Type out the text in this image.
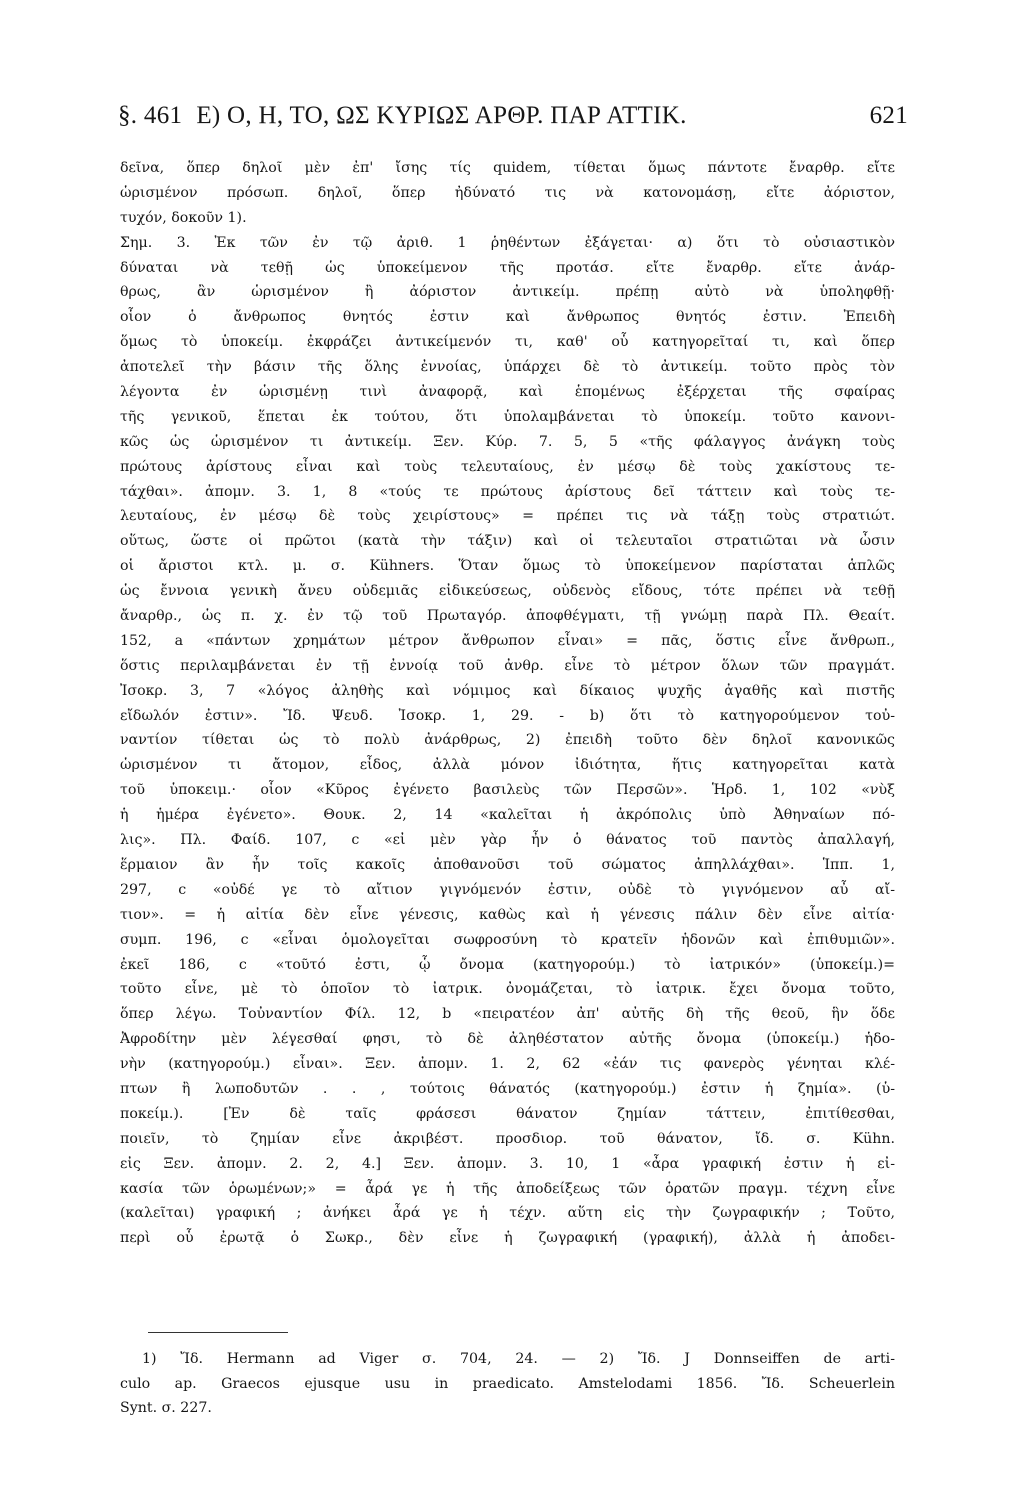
§. 461 Ε) Ο, Η, ΤΟ, ΩΣ ΚΥΡΙΩΣ ΑΡΘΡ. ΠΑΡ ΑΤΤΙΚ.	621
δεῖνα, ὅπερ δηλοῖ μὲν ἐπ' ἴσης τίς quidem, τίθεται ὅμως πάντοτε ἔναρθρ. εἴτε
ὡρισμένον πρόσωπ. δηλοῖ, ὅπερ ἠδύνατό τις νὰ κατονομάσῃ, εἴτε ἀόριστον,
τυχόν, δοκοῦν 1).
Σημ. 3. Ἐκ τῶν ἐν τῷ ἀριθ. 1 ῥηθέντων ἐξάγεται· α) ὅτι τὸ οὐσιαστικὸν
δύναται νὰ τεθῇ ὡς ὑποκείμενον τῆς προτάσ. εἴτε ἔναρθρ. εἴτε ἀνάρ-
θρως, ἂν ὡρισμένον ἢ ἀόριστον ἀντικείμ. πρέπῃ αὐτὸ νὰ ὑποληφθῇ·
οἷον ὁ ἄνθρωπος θνητός ἐστιν καὶ ἄνθρωπος θνητός ἐστιν. Ἐπειδὴ
ὅμως τὸ ὑποκείμ. ἐκφράζει ἀντικείμενόν τι, καθ' οὗ κατηγορεῖταί τι, καὶ ὅπερ
ἀποτελεῖ τὴν βάσιν τῆς ὅλης ἐννοίας, ὑπάρχει δὲ τὸ ἀντικείμ. τοῦτο πρὸς τὸν
λέγοντα ἐν ὡρισμένῃ τινὶ ἀναφορᾷ, καὶ ἑπομένως ἐξέρχεται τῆς σφαίρας
τῆς γενικοῦ, ἕπεται ἐκ τούτου, ὅτι ὑπολαμβάνεται τὸ ὑποκείμ. τοῦτο κανονι-
κῶς ὡς ὡρισμένον τι ἀντικείμ. Ξεν. Κύρ. 7. 5, 5 «τῆς φάλαγγος ἀνάγκη τοὺς
πρώτους ἀρίστους εἶναι καὶ τοὺς τελευταίους, ἐν μέσῳ δὲ τοὺς χακίστους τε-
τάχθαι». ἀπομν. 3. 1, 8 «τούς τε πρώτους ἀρίστους δεῖ τάττειν καὶ τοὺς τε-
λευταίους, ἐν μέσῳ δὲ τοὺς χειρίστους» = πρέπει τις νὰ τάξῃ τοὺς στρατιώτ.
οὕτως, ὥστε οἱ πρῶτοι (κατὰ τὴν τάξιν) καὶ οἱ τελευταῖοι στρατιῶται νὰ ὦσιν
οἱ ἄριστοι κτλ. μ. σ. Kühners. Ὅταν ὅμως τὸ ὑποκείμενον παρίσταται ἁπλῶς
ὡς ἔννοια γενικὴ ἄνευ οὐδεμιᾶς εἰδικεύσεως, οὐδενὸς εἴδους, τότε πρέπει νὰ τεθῇ
ἄναρθρ., ὡς π. χ. ἐν τῷ τοῦ Πρωταγόρ. ἀποφθέγματι, τῇ γνώμῃ παρὰ Πλ. Θεαίτ.
152, a «πάντων χρημάτων μέτρον ἄνθρωπον εἶναι» = πᾶς, ὅστις εἶνε ἄνθρωπ.,
ὅστις περιλαμβάνεται ἐν τῇ ἐννοίᾳ τοῦ ἀνθρ. εἶνε τὸ μέτρον ὅλων τῶν πραγμάτ.
Ἰσοκρ. 3, 7 «λόγος ἀληθὴς καὶ νόμιμος καὶ δίκαιος ψυχῆς ἀγαθῆς καὶ πιστῆς
εἴδωλόν ἐστιν». Ἴδ. Ψευδ. Ἰσοκρ. 1, 29. - b) ὅτι τὸ κατηγορούμενον τοὐ-
ναντίον τίθεται ὡς τὸ πολὺ ἀνάρθρως, 2) ἐπειδὴ τοῦτο δὲν δηλοῖ κανονικῶς
ὡρισμένον τι ἄτομον, εἶδος, ἀλλὰ μόνον ἰδιότητα, ἥτις κατηγορεῖται κατὰ
τοῦ ὑποκειμ.· οἷον «Κῦρος ἐγένετο βασιλεὺς τῶν Περσῶν». Ἡρδ. 1, 102 «νὺξ
ἡ ἡμέρα ἐγένετο». Θουκ. 2, 14 «καλεῖται ἡ ἀκρόπολις ὑπὸ Ἀθηναίων πό-
λις». Πλ. Φαίδ. 107, c «εἰ μὲν γὰρ ἦν ὁ θάνατος τοῦ παντὸς ἀπαλλαγή,
ἕρμαιον ἂν ἦν τοῖς κακοῖς ἀποθανοῦσι τοῦ σώματος ἀπηλλάχθαι». Ἱππ. 1,
297, c «οὐδέ γε τὸ αἴτιον γιγνόμενόν ἐστιν, οὐδὲ τὸ γιγνόμενον αὖ αἴ-
τιον». = ἡ αἰτία δὲν εἶνε γένεσις, καθὼς καὶ ἡ γένεσις πάλιν δὲν εἶνε αἰτία·
συμπ. 196, c «εἶναι ὁμολογεῖται σωφροσύνη τὸ κρατεῖν ἡδονῶν καὶ ἐπιθυμιῶν».
ἐκεῖ 186, c «τοῦτό ἐστι, ᾧ ὄνομα (κατηγορούμ.) τὸ ἰατρικόν» (ὑποκείμ.)=
τοῦτο εἶνε, μὲ τὸ ὁποῖον τὸ ἰατρικ. ὀνομάζεται, τὸ ἰατρικ. ἔχει ὄνομα τοῦτο,
ὅπερ λέγω. Τοὐναντίον Φίλ. 12, b «πειρατέον ἀπ' αὐτῆς δὴ τῆς θεοῦ, ἣν ὅδε
Ἀφροδίτην μὲν λέγεσθαί φησι, τὸ δὲ ἀληθέστατον αὐτῆς ὄνομα (ὑποκείμ.) ἡδο-
νὴν (κατηγορούμ.) εἶναι». Ξεν. ἀπομν. 1. 2, 62 «ἐάν τις φανερὸς γένηται κλέ-
πτων ἢ λωποδυτῶν . . , τούτοις θάνατός (κατηγορούμ.) ἐστιν ἡ ζημία». (ὑ-
ποκείμ.). [Ἐν δὲ ταῖς φράσεσι θάνατον ζημίαν τάττειν, ἐπιτίθεσθαι,
ποιεῖν, τὸ ζημίαν εἶνε ἀκριβέστ. προσδιορ. τοῦ θάνατον, ἴδ. σ. Kühn.
εἰς Ξεν. ἀπομν. 2. 2, 4.] Ξεν. ἀπομν. 3. 10, 1 «ἆρα γραφική ἐστιν ἡ εἰ-
κασία τῶν ὁρωμένων;» = ἆρά γε ἡ τῆς ἀποδείξεως τῶν ὁρατῶν πραγμ. τέχνη εἶνε
(καλεῖται) γραφική ; ἀνήκει ἆρά γε ἡ τέχν. αὕτη εἰς τὴν ζωγραφικήν ; Τοῦτο,
περὶ οὗ ἐρωτᾷ ὁ Σωκρ., δὲν εἶνε ἡ ζωγραφική (γραφική), ἀλλὰ ἡ ἀποδει-
1) Ἴδ. Hermann ad Viger σ. 704, 24. — 2) Ἴδ. J Donnseiffen de arti-
culo ap. Graecos ejusque usu in praedicato. Amstelodami 1856. Ἴδ. Scheuerlein
Synt. σ. 227.
